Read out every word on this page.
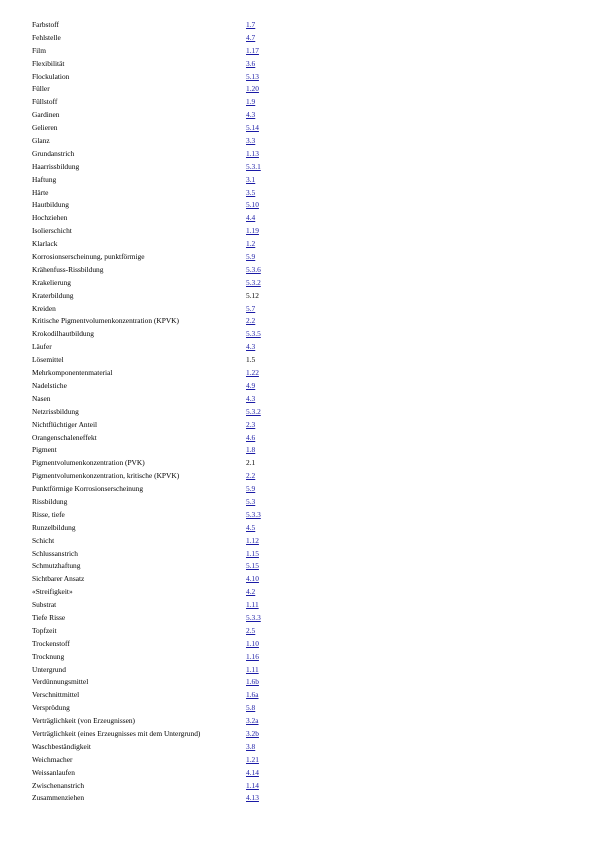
Farbstoff	1.7
Fehlstelle	4.7
Film	1.17
Flexibilität	3.6
Flockulation	5.13
Füller	1.20
Füllstoff	1.9
Gardinen	4.3
Gelieren	5.14
Glanz	3.3
Grundanstrich	1.13
Haarrissbildung	5.3.1
Haftung	3.1
Härte	3.5
Hautbildung	5.10
Hochziehen	4.4
Isolierschicht	1.19
Klarlack	1.2
Korrosionserscheinung, punktförmige	5.9
Krähenfuss-Rissbildung	5.3.6
Krakelierung	5.3.2
Kraterbildung	5.12
Kreiden	5.7
Kritische Pigmentvolumenkonzentration (KPVK)	2.2
Krokodilhautbildung	5.3.5
Läufer	4.3
Lösemittel	1.5
Mehrkomponentenmaterial	1.22
Nadelstiche	4.9
Nasen	4.3
Netzrissbildung	5.3.2
Nichtflüchtiger Anteil	2.3
Orangenschaleneffekt	4.6
Pigment	1.8
Pigmentvolumenkonzentration (PVK)	2.1
Pigmentvolumenkonzentration, kritische (KPVK)	2.2
Punktförmige Korrosionserscheinung	5.9
Rissbildung	5.3
Risse, tiefe	5.3.3
Runzelbildung	4.5
Schicht	1.12
Schlussanstrich	1.15
Schmutzhaftung	5.15
Sichtbarer Ansatz	4.10
«Streifigkeit»	4.2
Substrat	1.11
Tiefe Risse	5.3.3
Topfzeit	2.5
Trockenstoff	1.10
Trocknung	1.16
Untergrund	1.11
Verdünnungsmittel	1.6b
Verschnittmittel	1.6a
Versprödung	5.8
Verträglichkeit (von Erzeugnissen)	3.2a
Verträglichkeit (eines Erzeugnisses mit dem Untergrund)	3.2b
Waschbeständigkeit	3.8
Weichmacher	1.21
Weissanlaufen	4.14
Zwischenanstrich	1.14
Zusammenziehen	4.13
